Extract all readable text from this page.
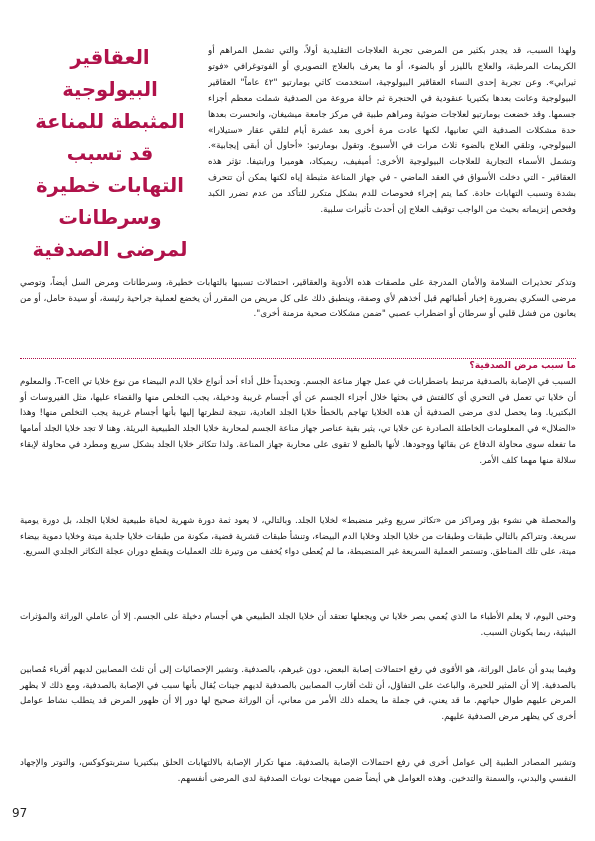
العقاقير
البيولوجية
المثبطة للمناعة
قد تسبب
التهابات خطيرة
وسرطانات
لمرضى الصدفية
ولهذا السبب، قد يجدر بكثير من المرضى تجربة العلاجات التقليدية أولاً، والتي تشمل المراهم أو الكريمات المرطبة، والعلاج بالليزر أو بالضوء، أو ما يعرف بالعلاج التصويري أو الفوتوغرافي «فوتو ثيرابي». وعن تجربة إحدى النساء العقاقير البيولوجية، استخدمت كاثي بومارتيو "٤٢ عاماً" العقاقير البيولوجية وعانت بعدها بكتيريا عنقودية في الحنجرة ثم حالة مروعة من الصدفية شملت معظم أجزاء جسمها. وقد خضعت بومارتيو لعلاجات ضوئية ومراهم طبية في مركز جامعة ميشيغان، وانحسرت بعدها حدة مشكلات الصدفية التي تعانيها، لكنها عادت مرة أخرى بعد عشرة أيام لتلقي عقار «ستيلارا» البيولوجي، وتلقي العلاج بالضوء ثلاث مرات في الأسبوع. وتقول بومارتيو: «أحاول أن أبقى إيجابية». وتشمل الأسماء التجارية للعلاجات البيولوجية الأخرى: أميفيف، ريميكاد، هوميرا ورابتيفا. تؤثر هذه العقاقير - التي دخلت الأسواق في العقد الماضي - في جهاز المناعة مثبطة إياه لكنها يمكن أن تتحرف بشدة وتسبب التهابات حادة. كما يتم إجراء فحوصات للدم بشكل متكرر للتأكد من عدم تضرر الكبد وفحص إنزيماته بحيث من الواجب توقيف العلاج إن أحدث تأثيرات سلبية.
وتذكر تحذيرات السلامة والأمان المدرجة على ملصقات هذه الأدوية والعقاقير، احتمالات تسببها بالتهابات خطيرة، وسرطانات ومرض السل أيضاً، وتوصي مرضى السكري بضرورة إخبار أطبائهم قبل أخذهم لأي وصفة، وينطبق ذلك على كل مريض من المقرر أن يخضع لعملية جراحية رئيسة، أو سيدة حامل، أو من يعانون من فشل قلبي أو سرطان أو اضطراب عصبي "ضمن مشكلات صحية مزمنة أخرى".
ما سبب مرض الصدفية؟
السبب في الإصابة بالصدفية مرتبط باضطرابات في عمل جهاز مناعة الجسم. وتحديداً خلل أداء أحد أنواع خلايا الدم البيضاء من نوع خلايا تي T-cell. والمعلوم أن خلايا تي تعمل في التحري أي كالفتش في بحثها خلال أجزاء الجسم عن أي أجسام غريبة ودخيلة، يجب التخلص منها والقضاء عليها، مثل الفيروسات أو البكتيريا. وما يحصل لدى مرضى الصدفية أن هذه الخلايا تهاجم بالخطأ خلايا الجلد العادية، نتيجة لنظرتها إليها بأنها أجسام غريبة يجب التخلص منها! وهذا «الضلال» في المعلومات الخاطئة الصادرة عن خلايا تي، يثير بقية عناصر جهاز مناعة الجسم لمحاربة خلايا الجلد الطبيعية البريئة. وهنا لا تجد خلايا الجلد أمامها ما تفعله سوى محاولة الدفاع عن بقائها ووجودها. لأنها بالطبع لا تقوى على محاربة جهاز المناعة. ولذا تتكاثر خلايا الجلد بشكل سريع ومطرد في محاولة لإبقاء سلالة منها مهما كلف الأمر.
والمحصلة هي نشوء بؤر ومراكز من «تكاثر سريع وغير منضبط» لخلايا الجلد. وبالتالي، لا يعود ثمة دورة شهرية لحياة طبيعية لخلايا الجلد، بل دورة يومية سريعة. وتتراكم بالتالي طبقات وطبقات من خلايا الجلد وخلايا الدم البيضاء، وتنشأ طبقات قشرية فضية، مكونة من طبقات خلايا جلدية ميتة وخلايا دموية بيضاء ميتة، على تلك المناطق. وتستمر العملية السريعة غير المنضبطة، ما لم يُعطى دواء يُخفف من وتيرة تلك العمليات ويقطع دوران عجلة التكاثر الجلدي السريع.
وحتى اليوم، لا يعلم الأطباء ما الذي يُعمي بصر خلايا تي ويجعلها تعتقد أن خلايا الجلد الطبيعي هي أجسام دخيلة على الجسم. إلا أن عاملي الوراثة والمؤثرات البيئية، ربما يكونان السبب.
وفيما يبدو أن عامل الوراثة، هو الأقوى في رفع احتمالات إصابة البعض، دون غيرهم، بالصدفية. وتشير الإحصائيات إلى أن ثلث المصابين لديهم أقرباء مُصابين بالصدفية. إلا أن المثير للحيرة، والباعث على التفاؤل، أن ثلث أقارب المصابين بالصدفية لديهم جينات يُقال بأنها سبب في الإصابة بالصدفية، ومع ذلك لا يظهر المرض عليهم طوال حياتهم. ما قد يعني، في جملة ما يحمله ذلك الأمر من معاني، أن الوراثة صحيح لها دور إلا أن ظهور المرض قد يتطلب نشاط عوامل أخرى كي يظهر مرض الصدفية عليهم.
وتشير المصادر الطبية إلى عوامل أخرى في رفع احتمالات الإصابة بالصدفية. منها تكرار الإصابة بالالتهابات الحلق ببكتيريا ستربتوكوكس، والتوتر والإجهاد النفسي والبدني، والسمنة والتدخين. وهذه العوامل هي أيضاً ضمن مهيجات نوبات الصدفية لدى المرضى أنفسهم.
97
